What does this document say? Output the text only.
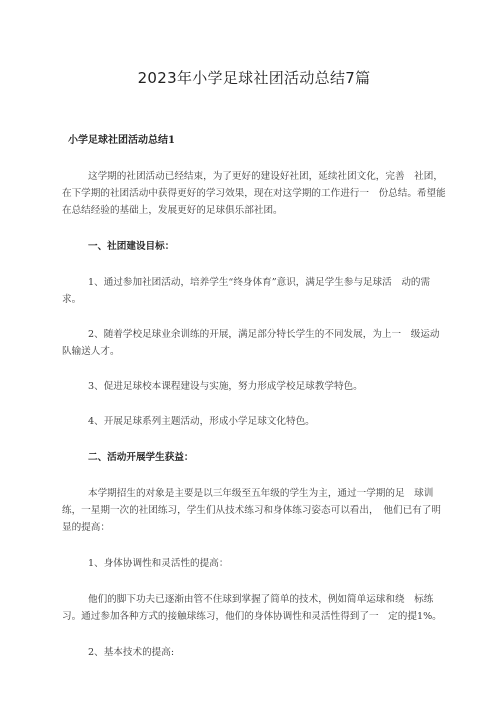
2023年小学足球社团活动总结7篇
小学足球社团活动总结1

这学期的社团活动已经结束，为了更好的建设好社团，延续社团文化，完善　社团，在下学期的社团活动中获得更好的学习效果，现在对这学期的工作进行一　份总结。希望能在总结经验的基础上，发展更好的足球俱乐部社团。

一、社团建设目标：

1、通过参加社团活动，培养学生“终身体育”意识，满足学生参与足球活　动的需求。

2、随着学校足球业余训练的开展，满足部分特长学生的不同发展，为上一　级运动队输送人才。

3、促进足球校本课程建设与实施，努力形成学校足球教学特色。

4、开展足球系列主题活动，形成小学足球文化特色。

二、活动开展学生获益：

本学期招生的对象是主要是以三年级至五年级的学生为主，通过一学期的足　球训练，一星期一次的社团练习，学生们从技术练习和身体练习姿态可以看出，　他们已有了明显的提高：

1、身体协调性和灵活性的提高：

他们的脚下功夫已逐渐由管不住球到掌握了简单的技术，例如简单运球和绕　标练习。通过参加各种方式的接触球练习，他们的身体协调性和灵活性得到了一　定的提1%。

2、基本技术的提高:
